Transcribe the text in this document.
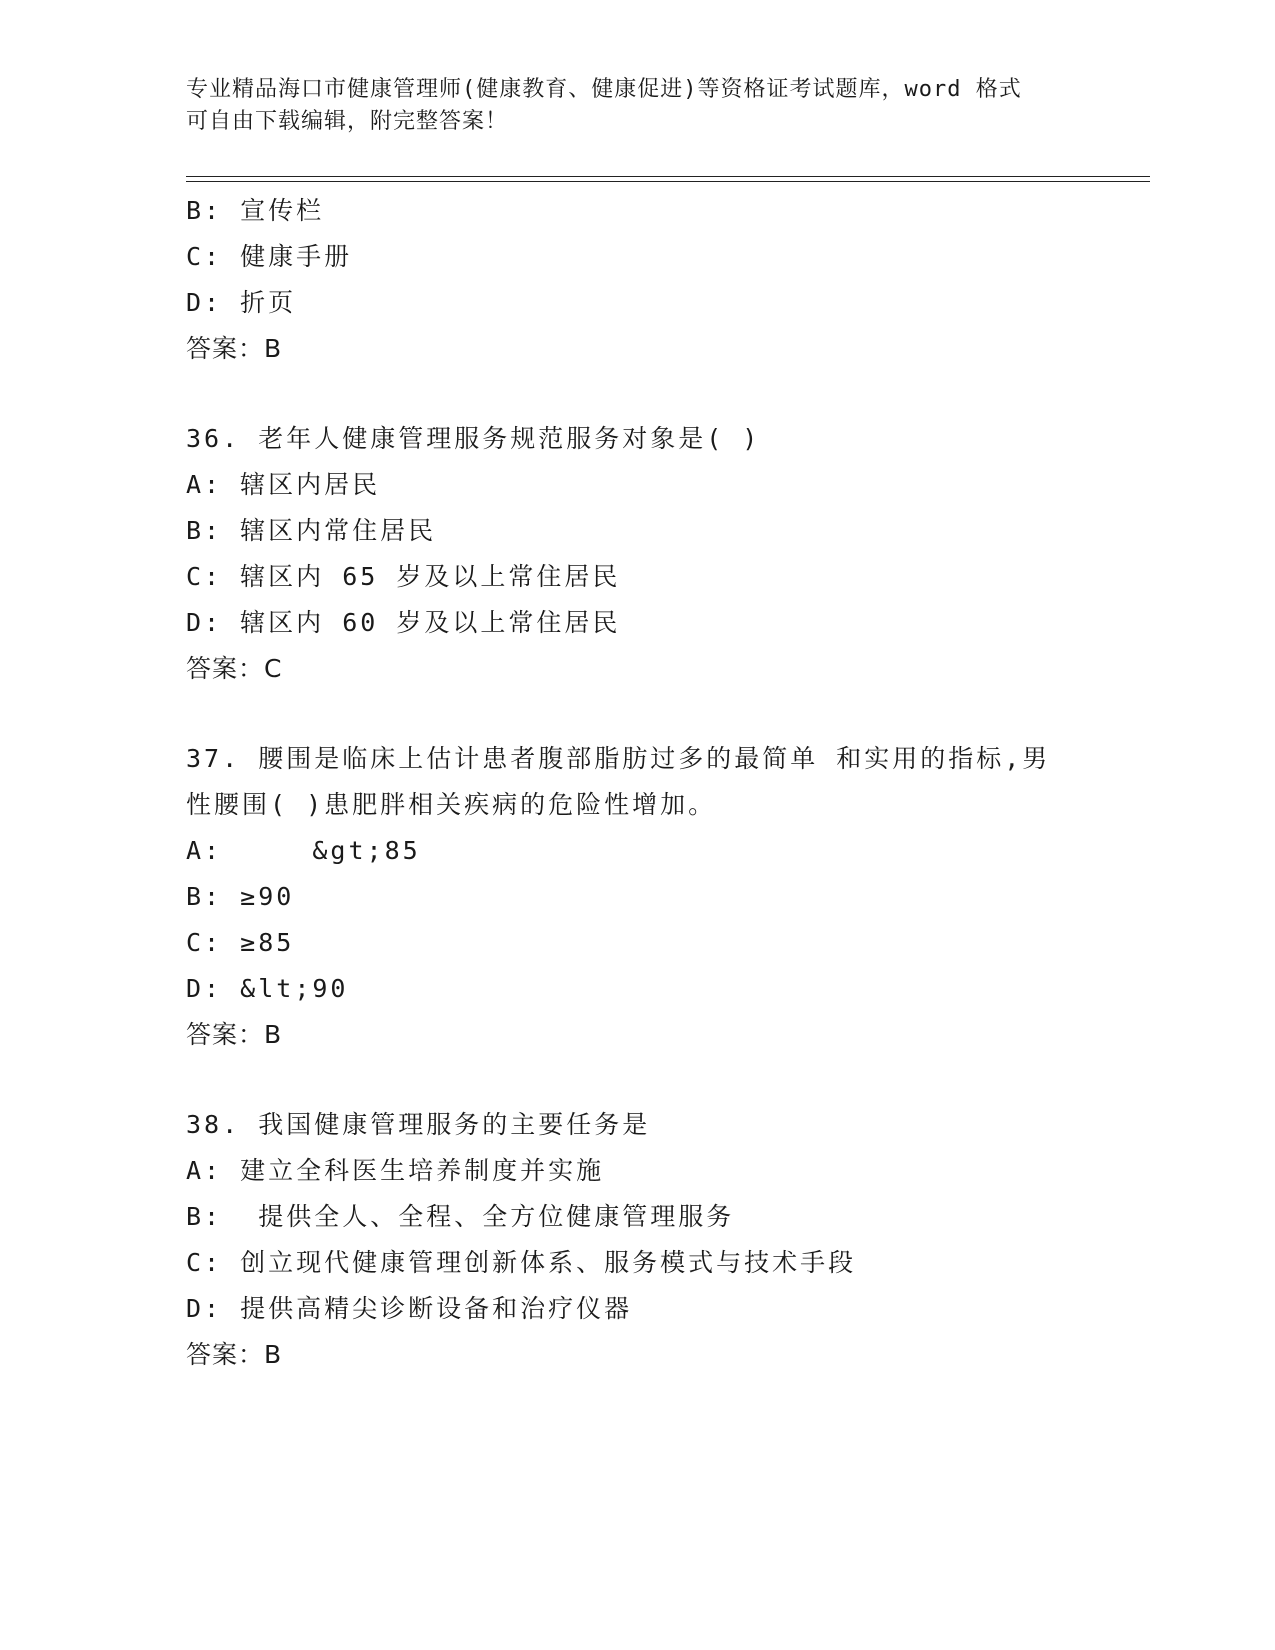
专业精品海口市健康管理师(健康教育、健康促进)等资格证考试题库，word 格式
可自由下载编辑，附完整答案！
B: 宣传栏
C: 健康手册
D: 折页
答案：B
36. 老年人健康管理服务规范服务对象是( )
A: 辖区内居民
B: 辖区内常住居民
C: 辖区内 65 岁及以上常住居民
D: 辖区内 60 岁及以上常住居民
答案：C
37. 腰围是临床上估计患者腹部脂肪过多的最简单 和实用的指标,男
性腰围( )患肥胖相关疾病的危险性增加。
A:     &gt;85
B: ≥90
C: ≥85
D: &lt;90
答案：B
38. 我国健康管理服务的主要任务是
A: 建立全科医生培养制度并实施
B:  提供全人、全程、全方位健康管理服务
C: 创立现代健康管理创新体系、服务模式与技术手段
D: 提供高精尖诊断设备和治疗仪器
答案：B
